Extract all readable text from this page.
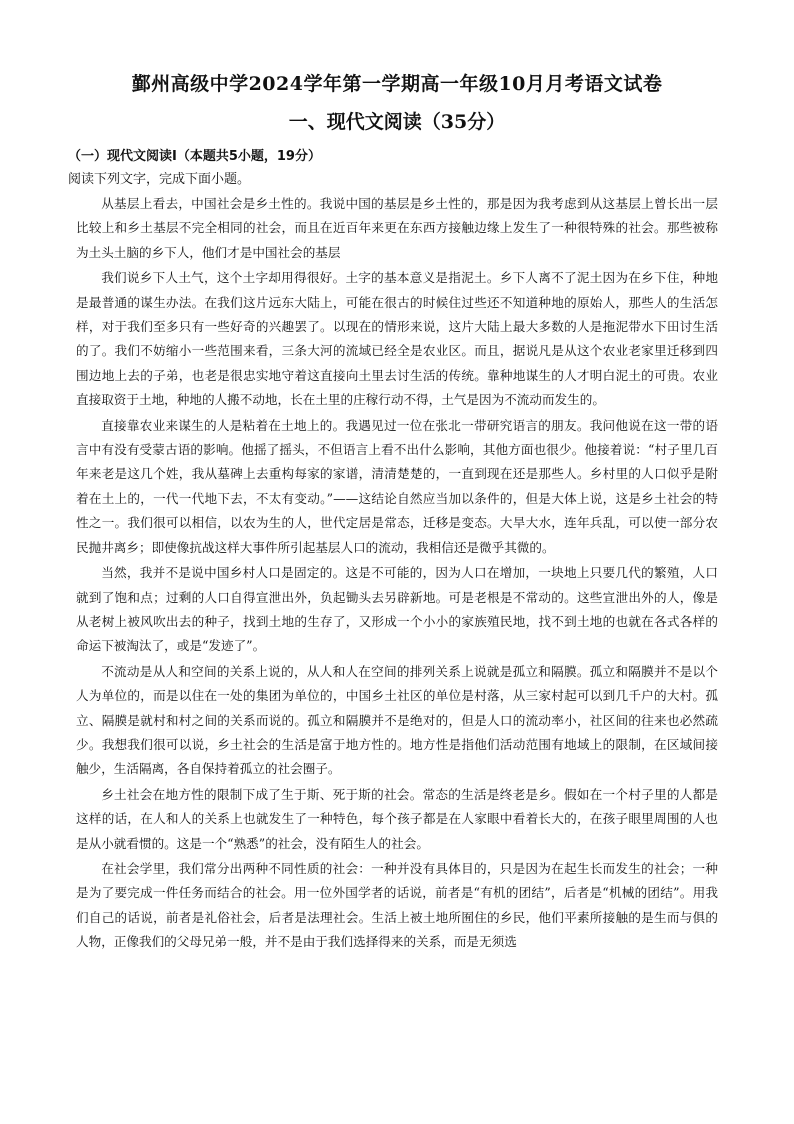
鄞州高级中学2024学年第一学期高一年级10月月考语文试卷
一、现代文阅读（35分）
（一）现代文阅读Ⅰ（本题共5小题，19分）
阅读下列文字，完成下面小题。

从基层上看去，中国社会是乡土性的。我说中国的基层是乡土性的，那是因为我考虑到从这基层上曾长出一层比较上和乡土基层不完全相同的社会，而且在近百年来更在东西方接触边缘上发生了一种很特殊的社会。那些被称为土头土脑的乡下人，他们才是中国社会的基层

我们说乡下人土气，这个土字却用得很好。土字的基本意义是指泥土。乡下人离不了泥土因为在乡下住，种地是最普通的谋生办法。在我们这片远东大陆上，可能在很古的时候住过些还不知道种地的原始人，那些人的生活怎样，对于我们至多只有一些好奇的兴趣罢了。以现在的情形来说，这片大陆上最大多数的人是拖泥带水下田讨生活的了。我们不妨缩小一些范围来看，三条大河的流域已经全是农业区。而且，据说凡是从这个农业老家里迁移到四围边地上去的子弟，也老是很忠实地守着这直接向土里去讨生活的传统。靠种地谋生的人才明白泥土的可贵。农业直接取资于土地，种地的人搬不动地，长在土里的庄稼行动不得，土气是因为不流动而发生的。

直接靠农业来谋生的人是粘着在土地上的。我遇见过一位在张北一带研究语言的朋友。我问他说在这一带的语言中有没有受蒙古语的影响。他摇了摇头，不但语言上看不出什么影响，其他方面也很少。他接着说：“村子里几百年来老是这几个姓，我从墓碑上去重构每家的家谱，清清楚楚的，一直到现在还是那些人。乡村里的人口似乎是附着在土上的，一代一代地下去，不太有变动。”——这结论自然应当加以条件的，但是大体上说，这是乡土社会的特性之一。我们很可以相信，以农为生的人，世代定居是常态，迁移是变态。大旱大水，连年兵乱，可以使一部分农民抛井离乡；即使像抗战这样大事件所引起基层人口的流动，我相信还是微乎其微的。

当然，我并不是说中国乡村人口是固定的。这是不可能的，因为人口在增加，一块地上只要几代的繁殖，人口就到了饱和点；过剩的人口自得宣泄出外，负起锄头去另辟新地。可是老根是不常动的。这些宣泄出外的人，像是从老树上被风吹出去的种子，找到土地的生存了，又形成一个小小的家族殖民地，找不到土地的也就在各式各样的命运下被淘汰了，或是“发迹了”。

不流动是从人和空间的关系上说的，从人和人在空间的排列关系上说就是孤立和隔膜。孤立和隔膜并不是以个人为单位的，而是以住在一处的集团为单位的，中国乡土社区的单位是村落，从三家村起可以到几千户的大村。孤立、隔膜是就村和村之间的关系而说的。孤立和隔膜并不是绝对的，但是人口的流动率小，社区间的往来也必然疏少。我想我们很可以说，乡土社会的生活是富于地方性的。地方性是指他们活动范围有地域上的限制，在区域间接触少，生活隔离，各自保持着孤立的社会圈子。

乡土社会在地方性的限制下成了生于斯、死于斯的社会。常态的生活是终老是乡。假如在一个村子里的人都是这样的话，在人和人的关系上也就发生了一种特色，每个孩子都是在人家眼中看着长大的，在孩子眼里周围的人也是从小就看惯的。这是一个“熟悉”的社会，没有陌生人的社会。

在社会学里，我们常分出两种不同性质的社会：一种并没有具体目的，只是因为在起生长而发生的社会；一种是为了要完成一件任务而结合的社会。用一位外国学者的话说，前者是“有机的团结”，后者是“机械的团结”。用我们自己的话说，前者是礼俗社会，后者是法理社会。生活上被土地所囿住的乡民，他们平素所接触的是生而与俱的人物，正像我们的父母兄弟一般，并不是由于我们选择得来的关系，而是无须选
